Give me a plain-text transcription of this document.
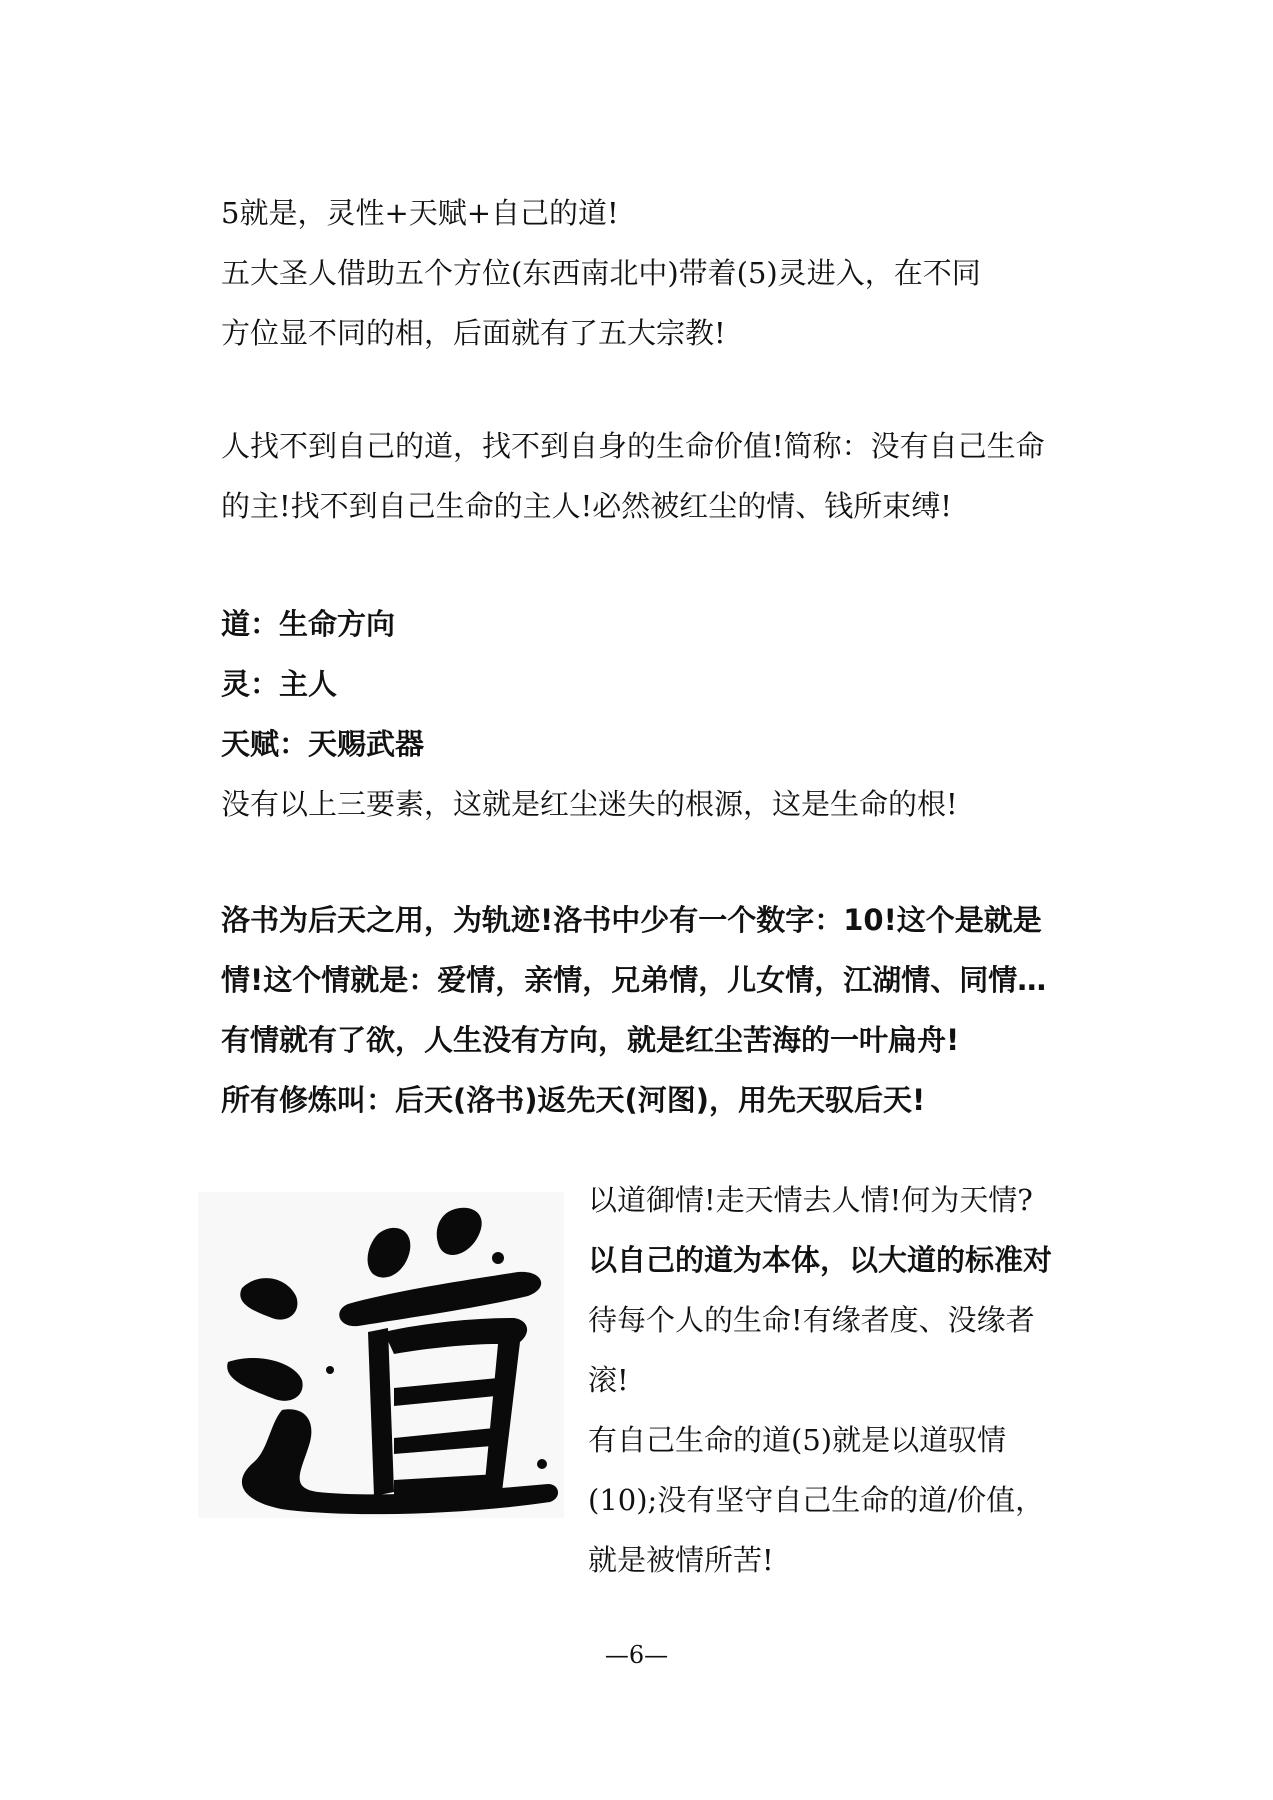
5就是，灵性+天赋+自己的道!
五大圣人借助五个方位(东西南北中)带着(5)灵进入，在不同
方位显不同的相，后面就有了五大宗教!
人找不到自己的道，找不到自身的生命价值!简称：没有自己生命
的主!找不到自己生命的主人!必然被红尘的情、钱所束缚!
道：生命方向
灵：主人
天赋：天赐武器
没有以上三要素，这就是红尘迷失的根源，这是生命的根!
洛书为后天之用，为轨迹!洛书中少有一个数字：10!这个是就是
情!这个情就是：爱情，亲情，兄弟情，儿女情，江湖情、同情…
有情就有了欲，人生没有方向，就是红尘苦海的一叶扁舟!
所有修炼叫：后天(洛书)返先天(河图)，用先天驭后天!
以道御情!走天情去人情!何为天情?
以自己的道为本体，以大道的标准对
待每个人的生命!有缘者度、没缘者
滚!
有自己生命的道(5)就是以道驭情
(10);没有坚守自己生命的道/价值，
就是被情所苦!
—6—
